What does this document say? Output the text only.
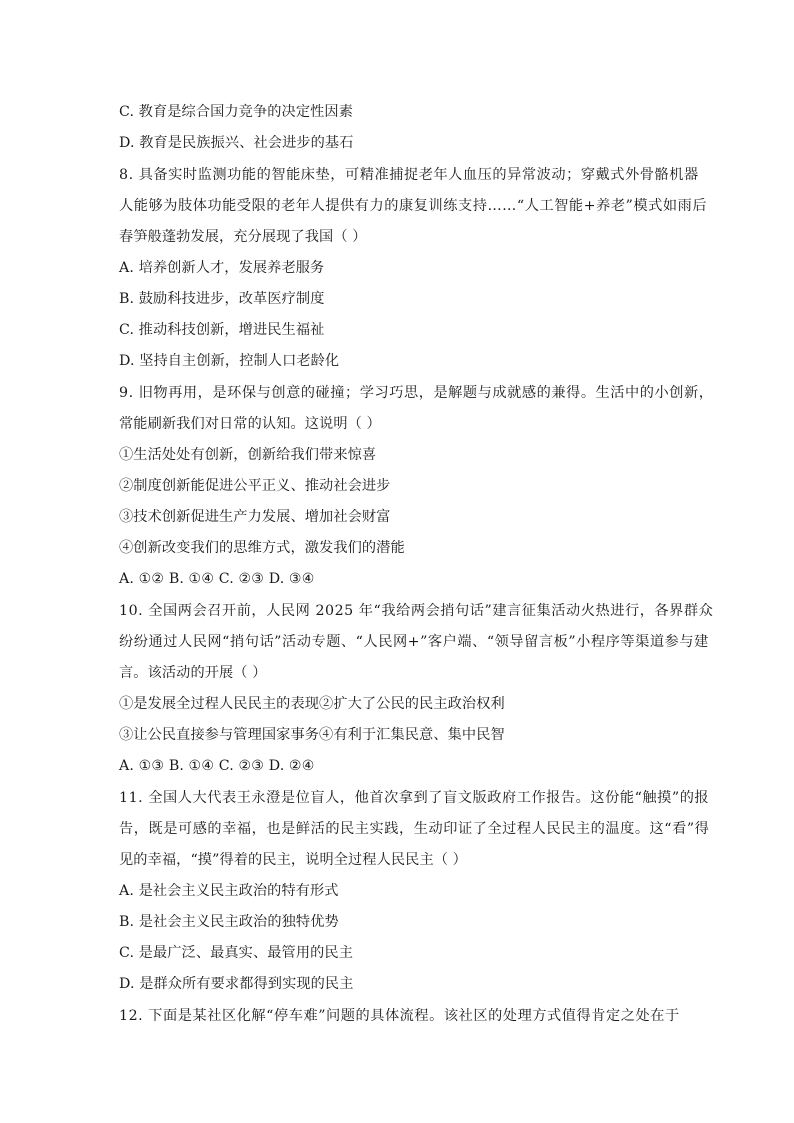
C. 教育是综合国力竞争的决定性因素
D. 教育是民族振兴、社会进步的基石
8. 具备实时监测功能的智能床垫，可精准捕捉老年人血压的异常波动；穿戴式外骨骼机器
人能够为肢体功能受限的老年人提供有力的康复训练支持……“人工智能+养老”模式如雨后
春笋般蓬勃发展，充分展现了我国（ ）
A. 培养创新人才，发展养老服务
B. 鼓励科技进步，改革医疗制度
C. 推动科技创新，增进民生福祉
D. 坚持自主创新，控制人口老龄化
9. 旧物再用，是环保与创意的碰撞；学习巧思，是解题与成就感的兼得。生活中的小创新，
常能刷新我们对日常的认知。这说明（ ）
①生活处处有创新，创新给我们带来惊喜
②制度创新能促进公平正义、推动社会进步
③技术创新促进生产力发展、增加社会财富
④创新改变我们的思维方式，激发我们的潜能
A. ①② B. ①④ C. ②③ D. ③④
10. 全国两会召开前，人民网 2025 年“我给两会捎句话”建言征集活动火热进行，各界群众
纷纷通过人民网“捎句话”活动专题、“人民网+”客户端、“领导留言板”小程序等渠道参与建
言。该活动的开展（ ）
①是发展全过程人民民主的表现②扩大了公民的民主政治权利
③让公民直接参与管理国家事务④有利于汇集民意、集中民智
A. ①③ B. ①④ C. ②③ D. ②④
11. 全国人大代表王永澄是位盲人，他首次拿到了盲文版政府工作报告。这份能“触摸”的报
告，既是可感的幸福，也是鲜活的民主实践，生动印证了全过程人民民主的温度。这“看”得
见的幸福，“摸”得着的民主，说明全过程人民民主（ ）
A. 是社会主义民主政治的特有形式
B. 是社会主义民主政治的独特优势
C. 是最广泛、最真实、最管用的民主
D. 是群众所有要求都得到实现的民主
12. 下面是某社区化解“停车难”问题的具体流程。该社区的处理方式值得肯定之处在于
